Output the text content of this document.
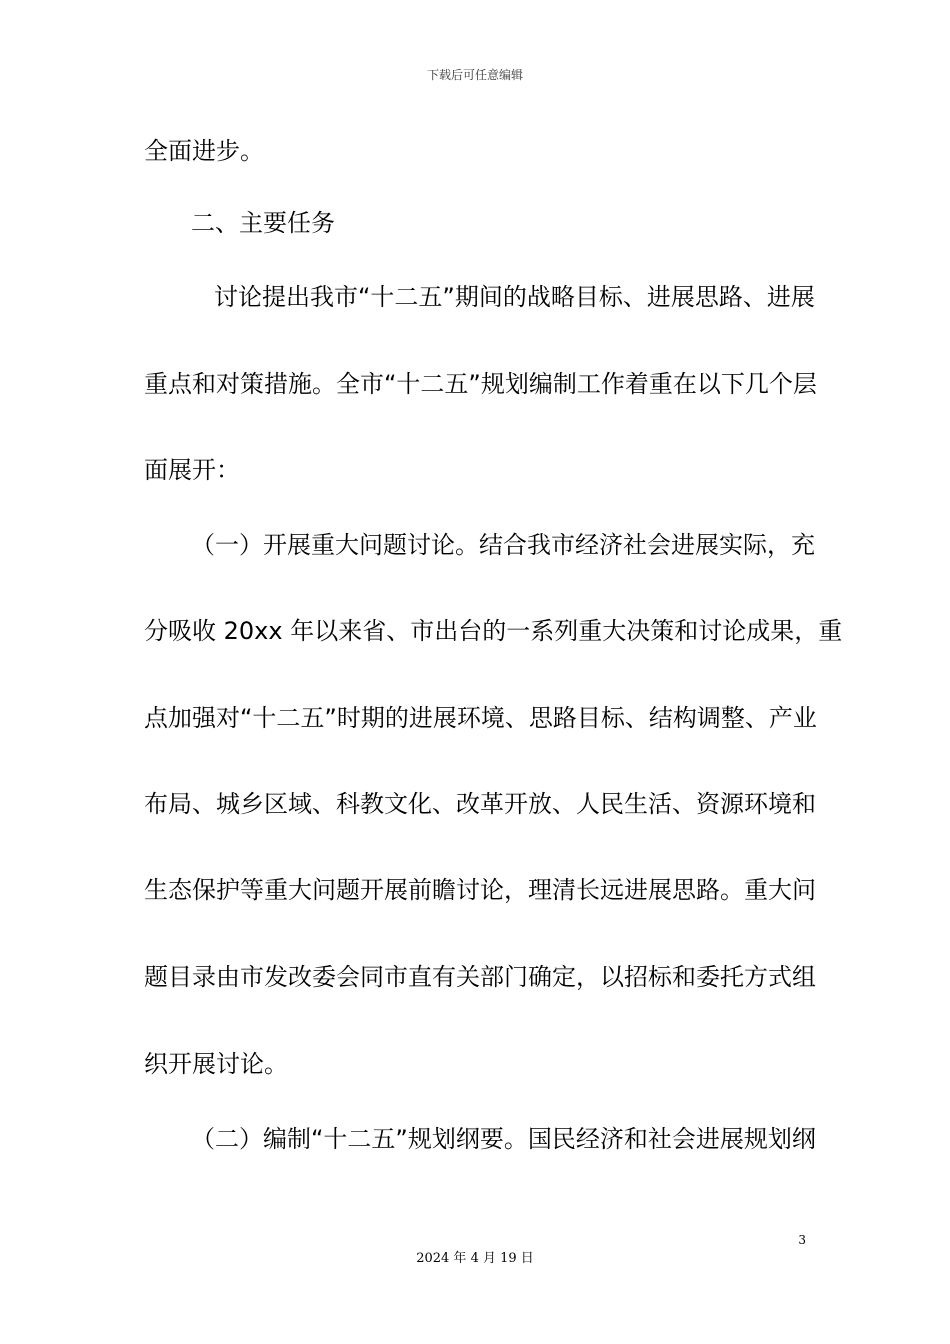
下载后可任意编辑
全面进步。
二、主要任务
讨论提出我市“十二五”期间的战略目标、进展思路、进展
重点和对策措施。全市“十二五”规划编制工作着重在以下几个层
面展开：
（一）开展重大问题讨论。结合我市经济社会进展实际，充
分吸收 20xx 年以来省、市出台的一系列重大决策和讨论成果，重
点加强对“十二五”时期的进展环境、思路目标、结构调整、产业
布局、城乡区域、科教文化、改革开放、人民生活、资源环境和
生态保护等重大问题开展前瞻讨论，理清长远进展思路。重大问
题目录由市发改委会同市直有关部门确定，以招标和委托方式组
织开展讨论。
（二）编制“十二五”规划纲要。国民经济和社会进展规划纲
3
2024 年 4 月 19 日
